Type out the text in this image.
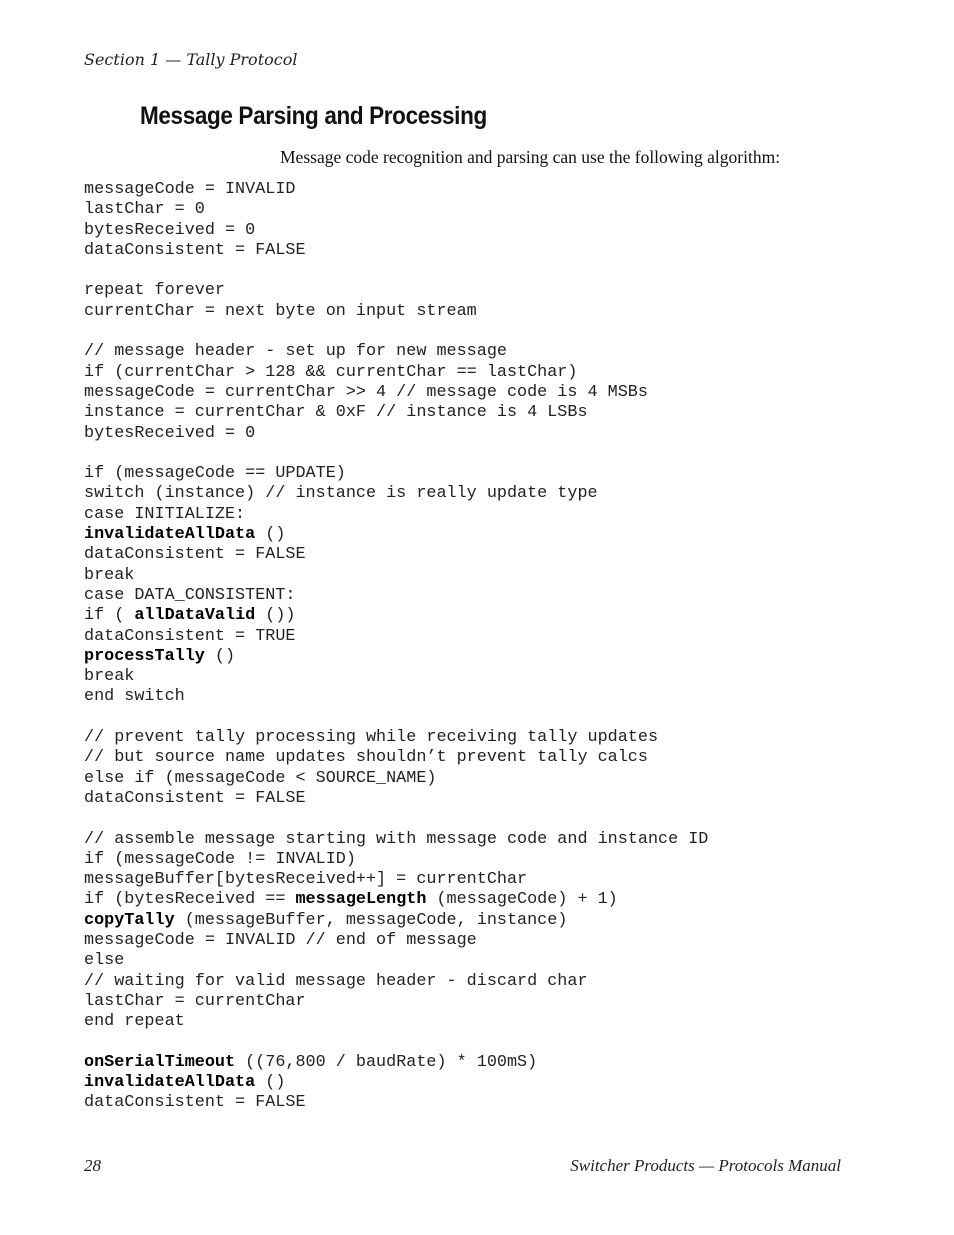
Section 1 — Tally Protocol
Message Parsing and Processing
Message code recognition and parsing can use the following algorithm:
messageCode = INVALID
lastChar = 0
bytesReceived = 0
dataConsistent = FALSE
repeat forever
currentChar = next byte on input stream
// message header - set up for new message
if (currentChar > 128 && currentChar == lastChar)
messageCode = currentChar >> 4 // message code is 4 MSBs
instance = currentChar & 0xF // instance is 4 LSBs
bytesReceived = 0
if (messageCode == UPDATE)
switch (instance) // instance is really update type
case INITIALIZE:
invalidateAllData ()
dataConsistent = FALSE
break
case DATA_CONSISTENT:
if ( allDataValid ())
dataConsistent = TRUE
processTally ()
break
end switch
// prevent tally processing while receiving tally updates
// but source name updates shouldn’t prevent tally calcs
else if (messageCode < SOURCE_NAME)
dataConsistent = FALSE
// assemble message starting with message code and instance ID
if (messageCode != INVALID)
messageBuffer[bytesReceived++] = currentChar
if (bytesReceived == messageLength (messageCode) + 1)
copyTally (messageBuffer, messageCode, instance)
messageCode = INVALID // end of message
else
// waiting for valid message header - discard char
lastChar = currentChar
end repeat
onSerialTimeout ((76,800 / baudRate) * 100mS)
invalidateAllData ()
dataConsistent = FALSE
28	Switcher Products — Protocols Manual
